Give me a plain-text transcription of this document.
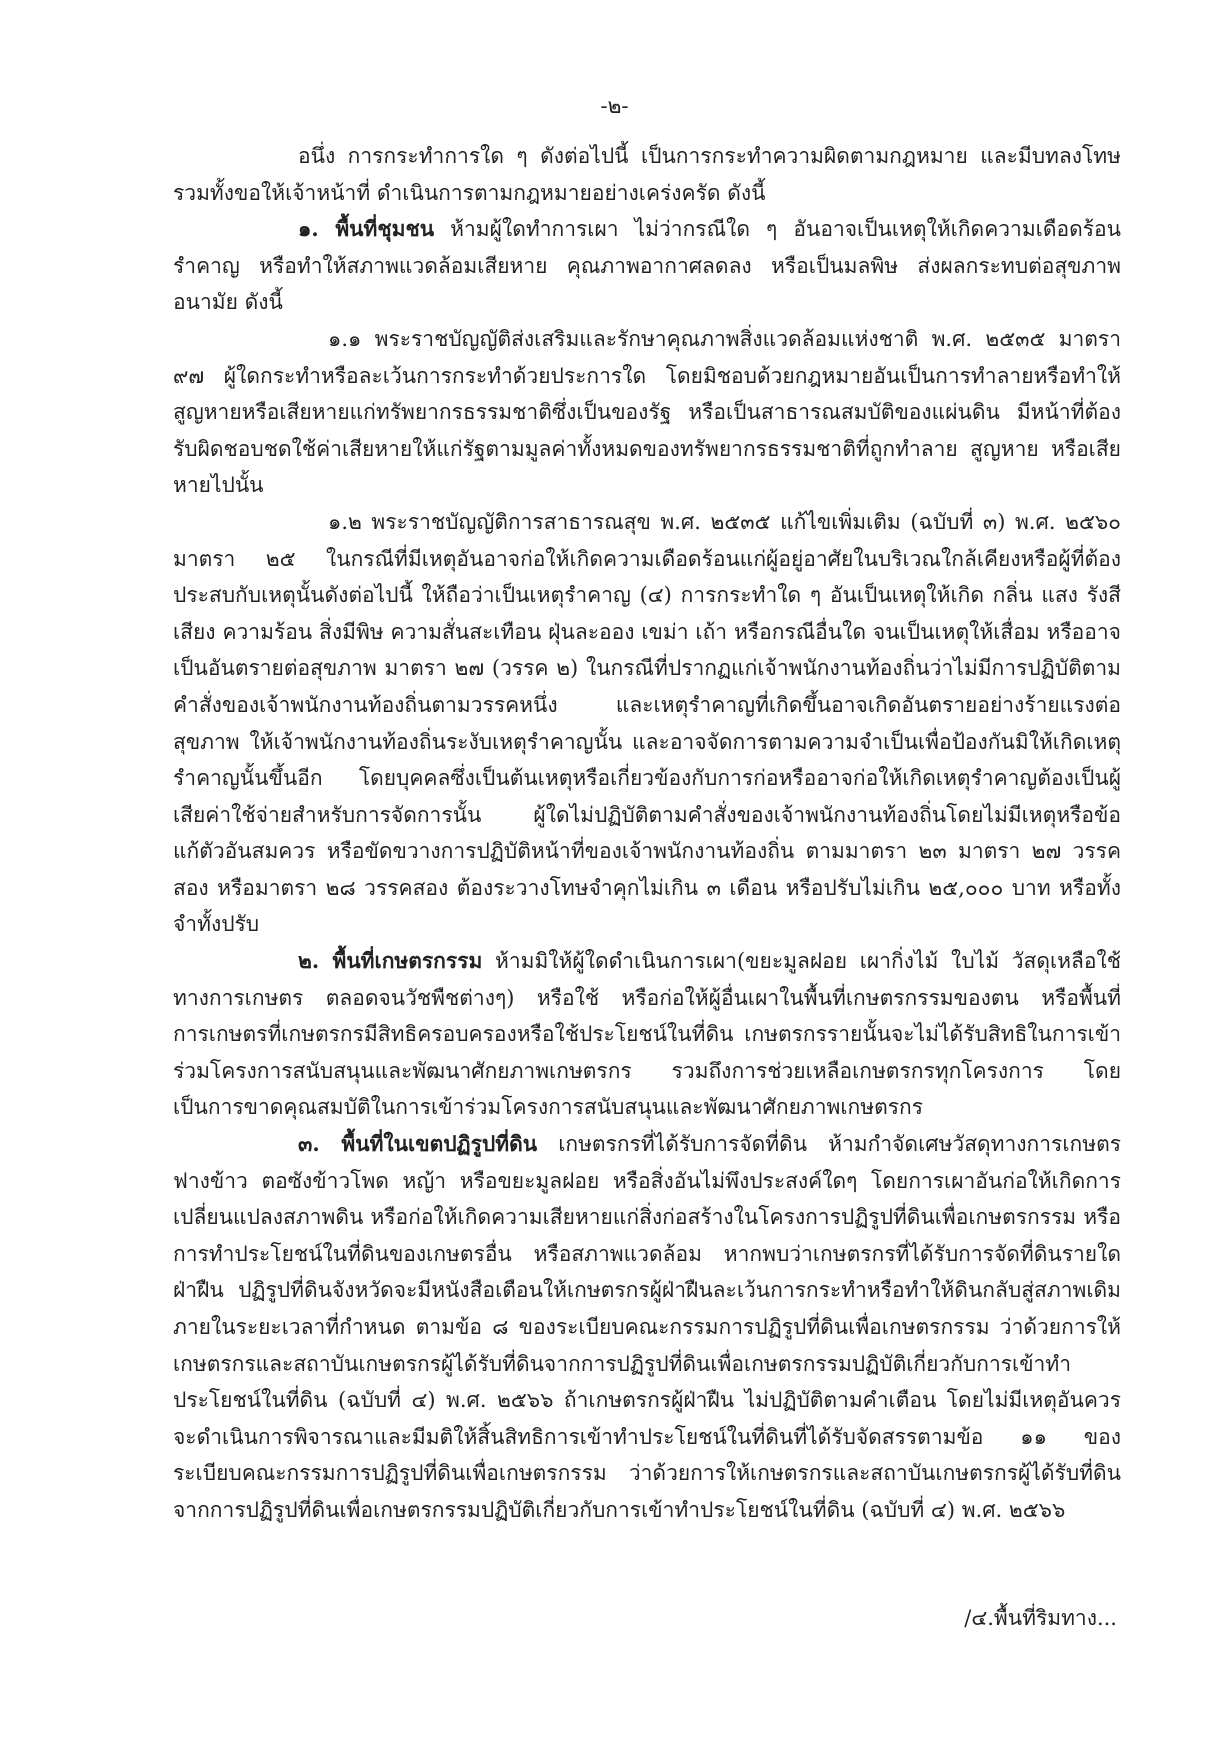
-๒-

อนึ่ง การกระทำการใด ๆ ดังต่อไปนี้ เป็นการกระทำความผิดตามกฎหมาย และมีบทลงโทษ รวมทั้งขอให้เจ้าหน้าที่ ดำเนินการตามกฎหมายอย่างเคร่งครัด ดังนี้

๑. พื้นที่ชุมชน ห้ามผู้ใดทำการเผา ไม่ว่ากรณีใด ๆ อันอาจเป็นเหตุให้เกิดความเดือดร้อนรำคาญ หรือทำให้สภาพแวดล้อมเสียหาย คุณภาพอากาศลดลง หรือเป็นมลพิษ ส่งผลกระทบต่อสุขภาพอนามัย ดังนี้

๑.๑ พระราชบัญญัติส่งเสริมและรักษาคุณภาพสิ่งแวดล้อมแห่งชาติ พ.ศ. ๒๕๓๕ มาตรา ๙๗ ผู้ใดกระทำหรือละเว้นการกระทำด้วยประการใด โดยมิชอบด้วยกฎหมายอันเป็นการทำลายหรือทำให้สูญหายหรือเสียหายแก่ทรัพยากรธรรมชาติซึ่งเป็นของรัฐ หรือเป็นสาธารณสมบัติของแผ่นดิน มีหน้าที่ต้องรับผิดชอบชดใช้ค่าเสียหายให้แก่รัฐตามมูลค่าทั้งหมดของทรัพยากรธรรมชาติที่ถูกทำลาย สูญหาย หรือเสียหายไปนั้น

๑.๒ พระราชบัญญัติการสาธารณสุข พ.ศ. ๒๕๓๕ แก้ไขเพิ่มเติม (ฉบับที่ ๓) พ.ศ. ๒๕๖๐ มาตรา ๒๕ ในกรณีที่มีเหตุอันอาจก่อให้เกิดความเดือดร้อนแก่ผู้อยู่อาศัยในบริเวณใกล้เคียงหรือผู้ที่ต้องประสบกับเหตุนั้นดังต่อไปนี้ ให้ถือว่าเป็นเหตุรำคาญ (๔) การกระทำใด ๆ อันเป็นเหตุให้เกิด กลิ่น แสง รังสี เสียง ความร้อน สิ่งมีพิษ ความสั่นสะเทือน ฝุ่นละออง เขม่า เถ้า หรือกรณีอื่นใด จนเป็นเหตุให้เสื่อม หรืออาจเป็นอันตรายต่อสุขภาพ มาตรา ๒๗ (วรรค ๒) ในกรณีที่ปรากฏแก่เจ้าพนักงานท้องถิ่นว่าไม่มีการปฏิบัติตามคำสั่งของเจ้าพนักงานท้องถิ่นตามวรรคหนึ่ง และเหตุรำคาญที่เกิดขึ้นอาจเกิดอันตรายอย่างร้ายแรงต่อสุขภาพ ให้เจ้าพนักงานท้องถิ่นระงับเหตุรำคาญนั้น และอาจจัดการตามความจำเป็นเพื่อป้องกันมิให้เกิดเหตุรำคาญนั้นขึ้นอีก โดยบุคคลซึ่งเป็นต้นเหตุหรือเกี่ยวข้องกับการก่อหรืออาจก่อให้เกิดเหตุรำคาญต้องเป็นผู้เสียค่าใช้จ่ายสำหรับการจัดการนั้น ผู้ใดไม่ปฏิบัติตามคำสั่งของเจ้าพนักงานท้องถิ่นโดยไม่มีเหตุหรือข้อแก้ตัวอันสมควร หรือขัดขวางการปฏิบัติหน้าที่ของเจ้าพนักงานท้องถิ่น ตามมาตรา ๒๓ มาตรา ๒๗ วรรคสอง หรือมาตรา ๒๘ วรรคสอง ต้องระวางโทษจำคุกไม่เกิน ๓ เดือน หรือปรับไม่เกิน ๒๕,๐๐๐ บาท หรือทั้งจำทั้งปรับ

๒. พื้นที่เกษตรกรรม ห้ามมิให้ผู้ใดดำเนินการเผา(ขยะมูลฝอย เผากิ่งไม้ ใบไม้ วัสดุเหลือใช้ทางการเกษตร ตลอดจนวัชพืชต่างๆ) หรือใช้ หรือก่อให้ผู้อื่นเผาในพื้นที่เกษตรกรรมของตน หรือพื้นที่การเกษตรที่เกษตรกรมีสิทธิครอบครองหรือใช้ประโยชน์ในที่ดิน เกษตรกรรายนั้นจะไม่ได้รับสิทธิในการเข้าร่วมโครงการสนับสนุนและพัฒนาศักยภาพเกษตรกร รวมถึงการช่วยเหลือเกษตรกรทุกโครงการ โดยเป็นการขาดคุณสมบัติในการเข้าร่วมโครงการสนับสนุนและพัฒนาศักยภาพเกษตรกร

๓. พื้นที่ในเขตปฏิรูปที่ดิน เกษตรกรที่ได้รับการจัดที่ดิน ห้ามกำจัดเศษวัสดุทางการเกษตร ฟางข้าว ตอซังข้าวโพด หญ้า หรือขยะมูลฝอย หรือสิ่งอันไม่พึงประสงค์ใดๆ โดยการเผาอันก่อให้เกิดการเปลี่ยนแปลงสภาพดิน หรือก่อให้เกิดความเสียหายแก่สิ่งก่อสร้างในโครงการปฏิรูปที่ดินเพื่อเกษตรกรรม หรือการทำประโยชน์ในที่ดินของเกษตรอื่น หรือสภาพแวดล้อม หากพบว่าเกษตรกรที่ได้รับการจัดที่ดินรายใดฝ่าฝืน ปฏิรูปที่ดินจังหวัดจะมีหนังสือเตือนให้เกษตรกรผู้ฝ่าฝืนละเว้นการกระทำหรือทำให้ดินกลับสู่สภาพเดิม ภายในระยะเวลาที่กำหนด ตามข้อ ๘ ของระเบียบคณะกรรมการปฏิรูปที่ดินเพื่อเกษตรกรรม ว่าด้วยการให้เกษตรกรและสถาบันเกษตรกรผู้ได้รับที่ดินจากการปฏิรูปที่ดินเพื่อเกษตรกรรมปฏิบัติเกี่ยวกับการเข้าทำประโยชน์ในที่ดิน (ฉบับที่ ๔) พ.ศ. ๒๕๖๖ ถ้าเกษตรกรผู้ฝ่าฝืน ไม่ปฏิบัติตามคำเตือน โดยไม่มีเหตุอันควร จะดำเนินการพิจารณาและมีมติให้สิ้นสิทธิการเข้าทำประโยชน์ในที่ดินที่ได้รับจัดสรรตามข้อ ๑๑ ของระเบียบคณะกรรมการปฏิรูปที่ดินเพื่อเกษตรกรรม ว่าด้วยการให้เกษตรกรและสถาบันเกษตรกรผู้ได้รับที่ดินจากการปฏิรูปที่ดินเพื่อเกษตรกรรมปฏิบัติเกี่ยวกับการเข้าทำประโยชน์ในที่ดิน (ฉบับที่ ๔) พ.ศ. ๒๕๖๖

/๔.พื้นที่ริมทาง...
